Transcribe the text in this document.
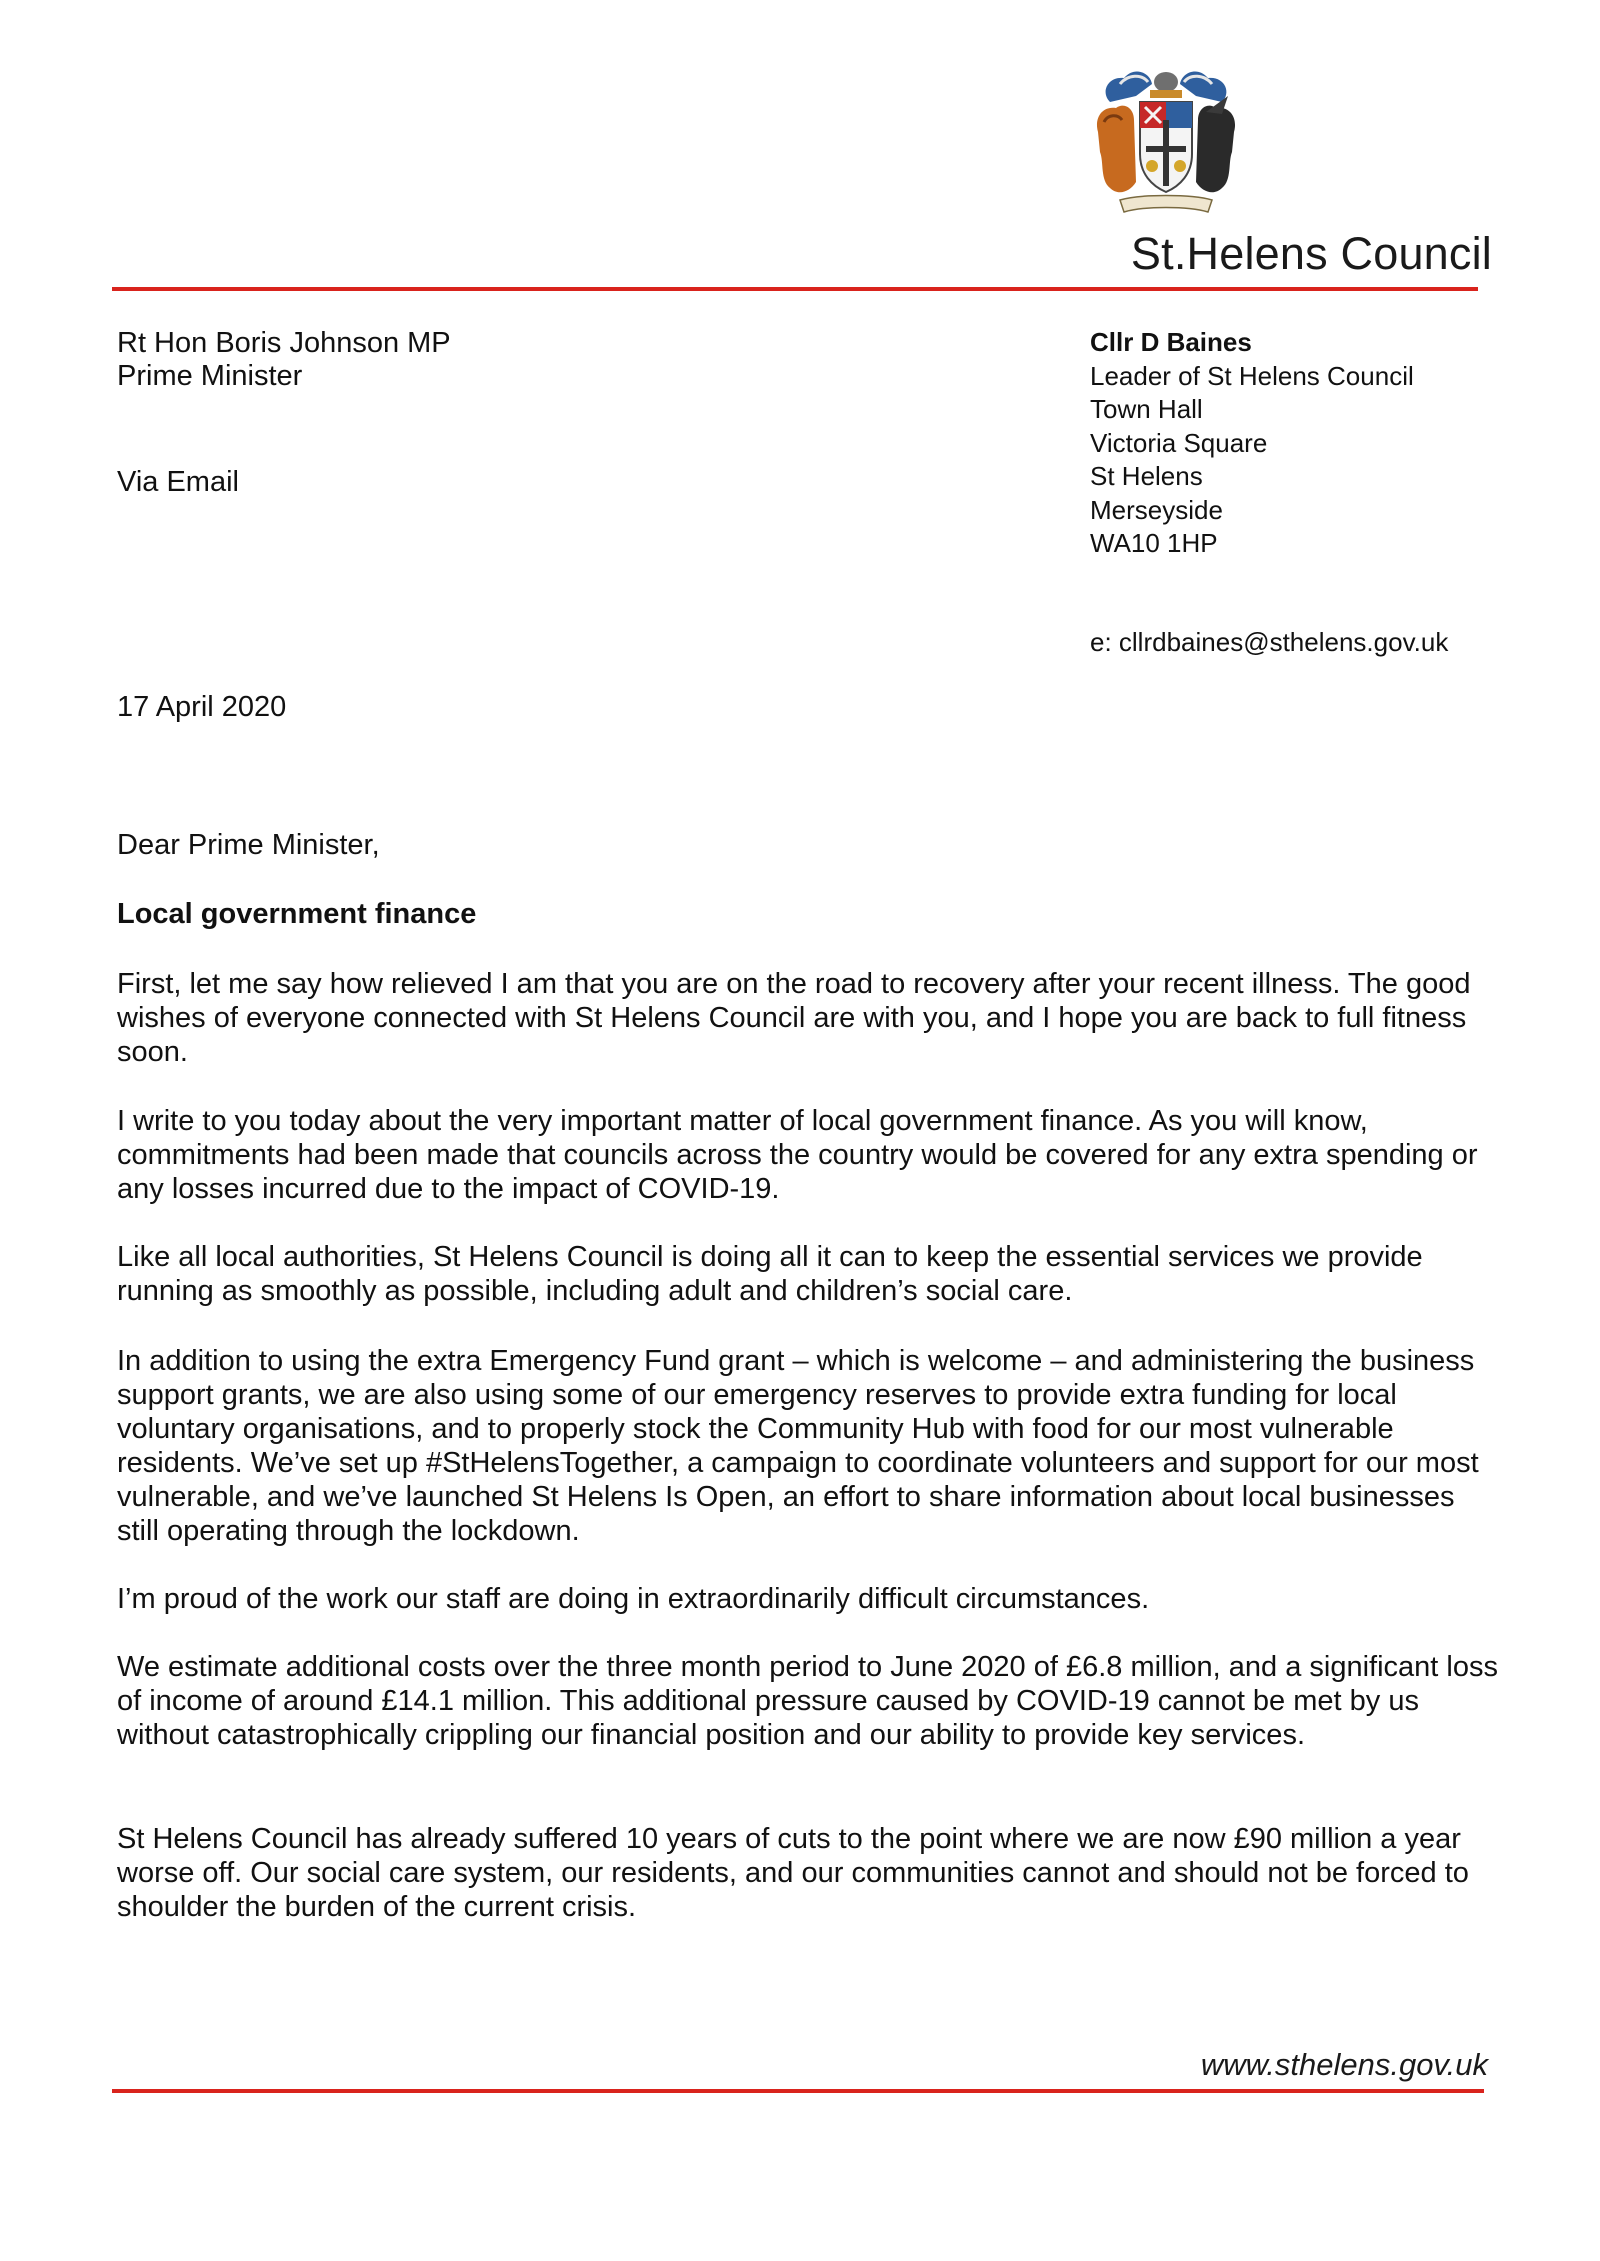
St.Helens Council
Rt Hon Boris Johnson MP
Prime Minister
Via Email
Cllr D Baines
Leader of St Helens Council
Town Hall
Victoria Square
St Helens
Merseyside
WA10 1HP
e: cllrdbaines@sthelens.gov.uk
17 April 2020
Dear Prime Minister,
Local government finance

First, let me say how relieved I am that you are on the road to recovery after your recent illness. The good wishes of everyone connected with St Helens Council are with you, and I hope you are back to full fitness soon.

I write to you today about the very important matter of local government finance. As you will know, commitments had been made that councils across the country would be covered for any extra spending or any losses incurred due to the impact of COVID-19.

Like all local authorities, St Helens Council is doing all it can to keep the essential services we provide running as smoothly as possible, including adult and children’s social care.

In addition to using the extra Emergency Fund grant – which is welcome – and administering the business support grants, we are also using some of our emergency reserves to provide extra funding for local voluntary organisations, and to properly stock the Community Hub with food for our most vulnerable residents. We’ve set up #StHelensTogether, a campaign to coordinate volunteers and support for our most vulnerable, and we’ve launched St Helens Is Open, an effort to share information about local businesses still operating through the lockdown.

I’m proud of the work our staff are doing in extraordinarily difficult circumstances.

We estimate additional costs over the three month period to June 2020 of £6.8 million, and a significant loss of income of around £14.1 million. This additional pressure caused by COVID-19 cannot be met by us without catastrophically crippling our financial position and our ability to provide key services.

St Helens Council has already suffered 10 years of cuts to the point where we are now £90 million a year worse off. Our social care system, our residents, and our communities cannot and should not be forced to shoulder the burden of the current crisis.

www.sthelens.gov.uk
